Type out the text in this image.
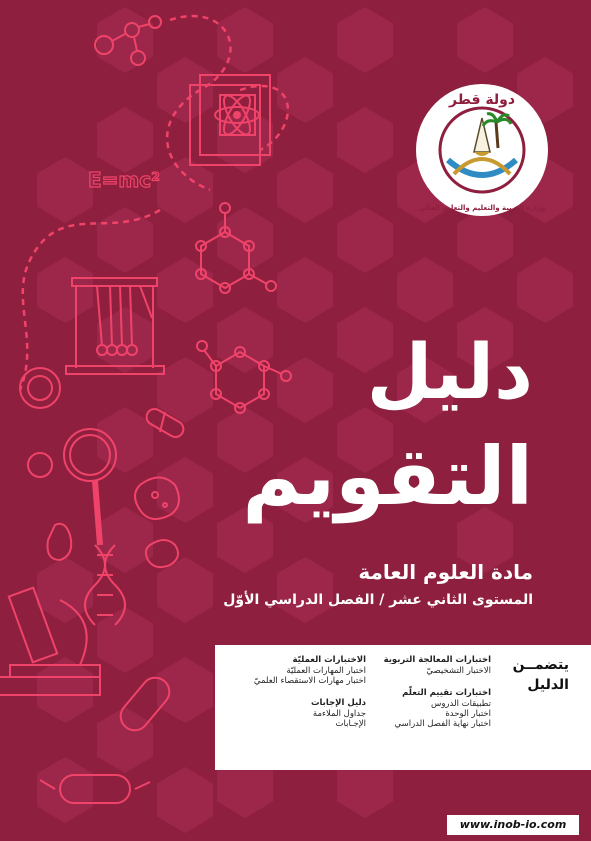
E=mc²
دولة قطر
وزارة التربية والتعليم والتعليم العالي
دليل
التقويم
مادة العلوم العامة
المستوى الثاني عشر / الفصل الدراسي الأوّل
يتضمــن الدليل
اختبارات المعالجة التربوية
الاختبار التشخيصيّ
اختبارات تقييم التعلّم
تطبيقات الدروس
اختبار الوحدة
اختبار نهاية الفصل الدراسي
الاختبارات العمليّة
اختبار المهارات العمليّة
اختبار مهارات الاستقصاء العلميّ
دليل الإجابات
جداول الملاءمة
الإجـابات
www.inob-io.com
